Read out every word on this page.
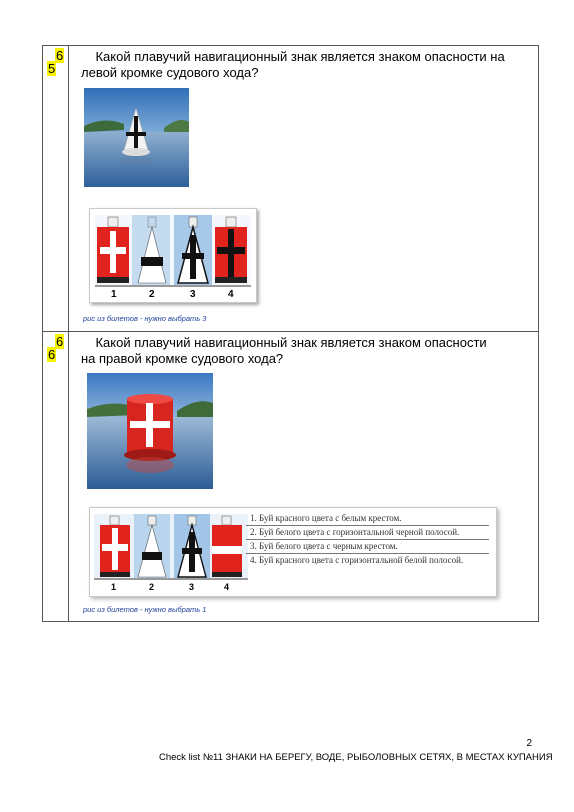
6
5
Какой плавучий навигационный знак является знаком опасности на левой кромке судового хода?
1	2	3	4
рис из билетов - нужно выбрать 3
6
6
Какой плавучий навигационный знак является знаком опасности на правой кромке судового хода?
1	2	3	4
1. Буй красного цвета с белым крестом.
2. Буй белого цвета с горизонтальной черной полосой.
3. Буй белого цвета с черным крестом.
4. Буй красного цвета с горизонтальной белой полосой.
рис из билетов - нужно выбрать 1
2
Check list №11 ЗНАКИ НА БЕРЕГУ, ВОДЕ, РЫБОЛОВНЫХ СЕТЯХ, В МЕСТАХ КУПАНИЯ
